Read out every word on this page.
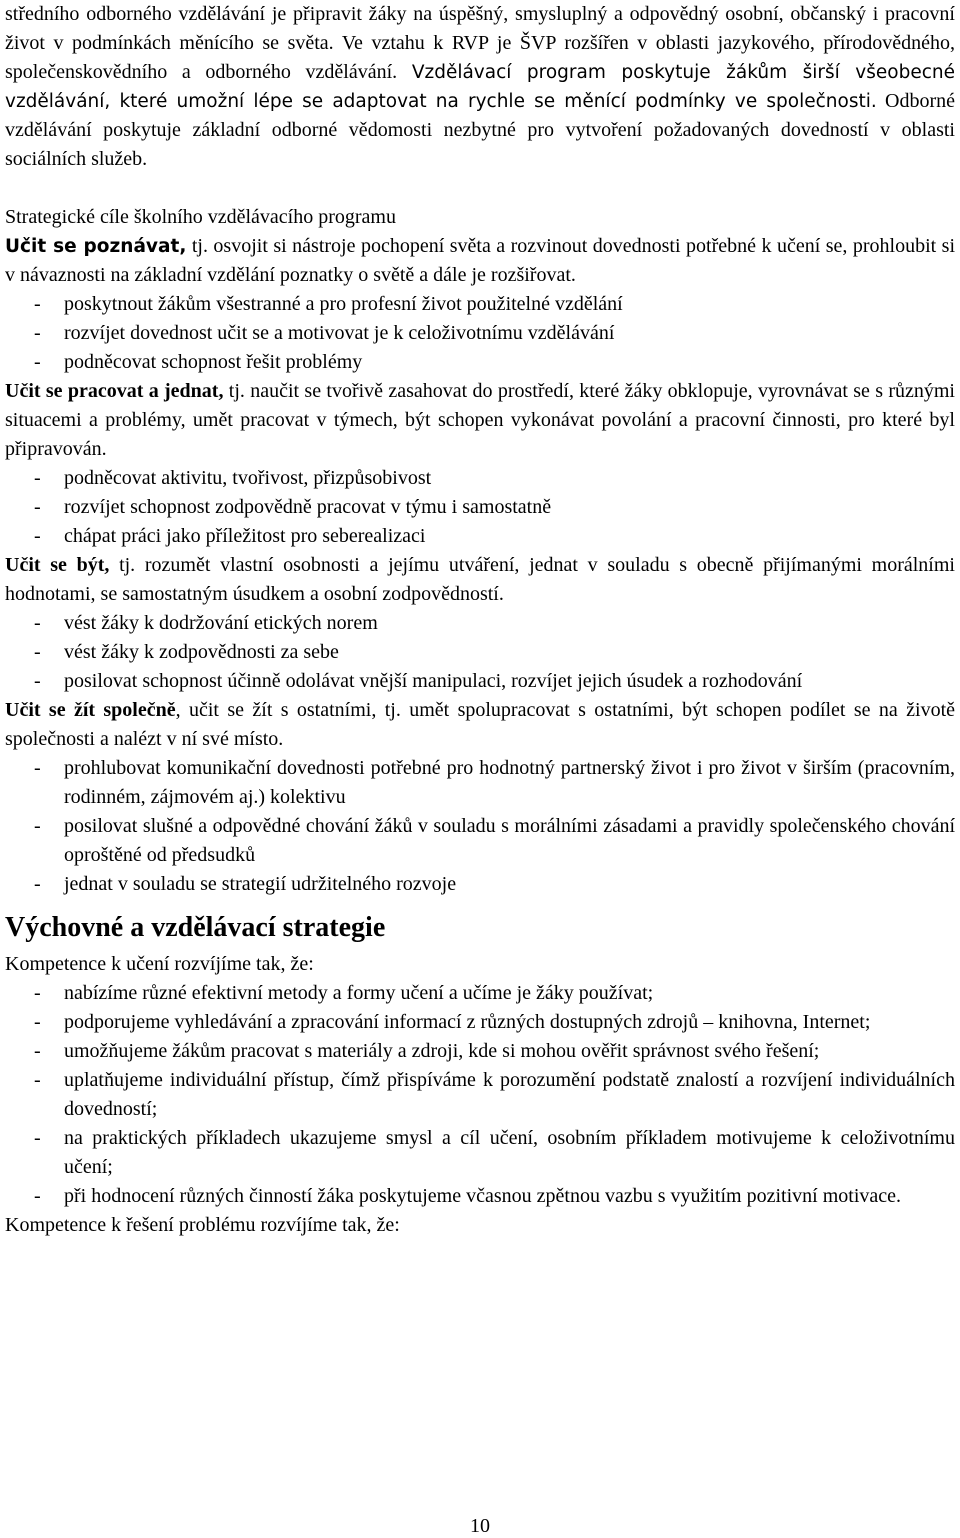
středního odborného vzdělávání je připravit žáky na úspěšný, smysluplný a odpovědný osobní, občanský i pracovní život v podmínkách měnícího se světa. Ve vztahu k RVP je ŠVP rozšířen v oblasti jazykového, přírodovědného, společenskovědního a odborného vzdělávání. Vzdělávací program poskytuje žákům širší všeobecné vzdělávání, které umožní lépe se adaptovat na rychle se měnící podmínky ve společnosti. Odborné vzdělávání poskytuje základní odborné vědomosti nezbytné pro vytvoření požadovaných dovedností v oblasti sociálních služeb.

Strategické cíle školního vzdělávacího programu

Učit se poznávat, tj. osvojit si nástroje pochopení světa a rozvinout dovednosti potřebné k učení se, prohloubit si v návaznosti na základní vzdělání poznatky o světě a dále je rozšiřovat.

- poskytnout žákům všestranné a pro profesní život použitelné vzdělání
- rozvíjet dovednost učit se a motivovat je k celoživotnímu vzdělávání
- podněcovat schopnost řešit problémy

Učit se pracovat a jednat, tj. naučit se tvořivě zasahovat do prostředí, které žáky obklopuje, vyrovnávat se s různými situacemi a problémy, umět pracovat v týmech, být schopen vykonávat povolání a pracovní činnosti, pro které byl připravován.

- podněcovat aktivitu, tvořivost, přizpůsobivost
- rozvíjet schopnost zodpovědně pracovat v týmu i samostatně
- chápat práci jako příležitost pro seberealizaci

Učit se být, tj. rozumět vlastní osobnosti a jejímu utváření, jednat v souladu s obecně přijímanými morálními hodnotami, se samostatným úsudkem a osobní zodpovědností.

- vést žáky k dodržování etických norem
- vést žáky k zodpovědnosti za sebe
- posilovat schopnost účinně odolávat vnější manipulaci, rozvíjet jejich úsudek a rozhodování

Učit se žít společně, učit se žít s ostatními, tj. umět spolupracovat s ostatními, být schopen podílet se na životě společnosti a nalézt v ní své místo.

- prohlubovat komunikační dovednosti potřebné pro hodnotný partnerský život i pro život v širším (pracovním, rodinném, zájmovém aj.) kolektivu
- posilovat slušné a odpovědné chování žáků v souladu s morálními zásadami a pravidly společenského chování oproštěné od předsudků
- jednat v souladu se strategií udržitelného rozvoje
Výchovné a vzdělávací strategie

Kompetence k učení rozvíjíme tak, že:

- nabízíme různé efektivní metody a formy učení a učíme je žáky používat;
- podporujeme vyhledávání a zpracování informací z různých dostupných zdrojů – knihovna, Internet;
- umožňujeme žákům pracovat s materiály a zdroji, kde si mohou ověřit správnost svého řešení;
- uplatňujeme individuální přístup, čímž přispíváme k porozumění podstatě znalostí a rozvíjení individuálních dovedností;
- na praktických příkladech ukazujeme smysl a cíl učení, osobním příkladem motivujeme k celoživotnímu učení;
- při hodnocení různých činností žáka poskytujeme včasnou zpětnou vazbu s využitím pozitivní motivace.

Kompetence k řešení problému rozvíjíme tak, že:

10
